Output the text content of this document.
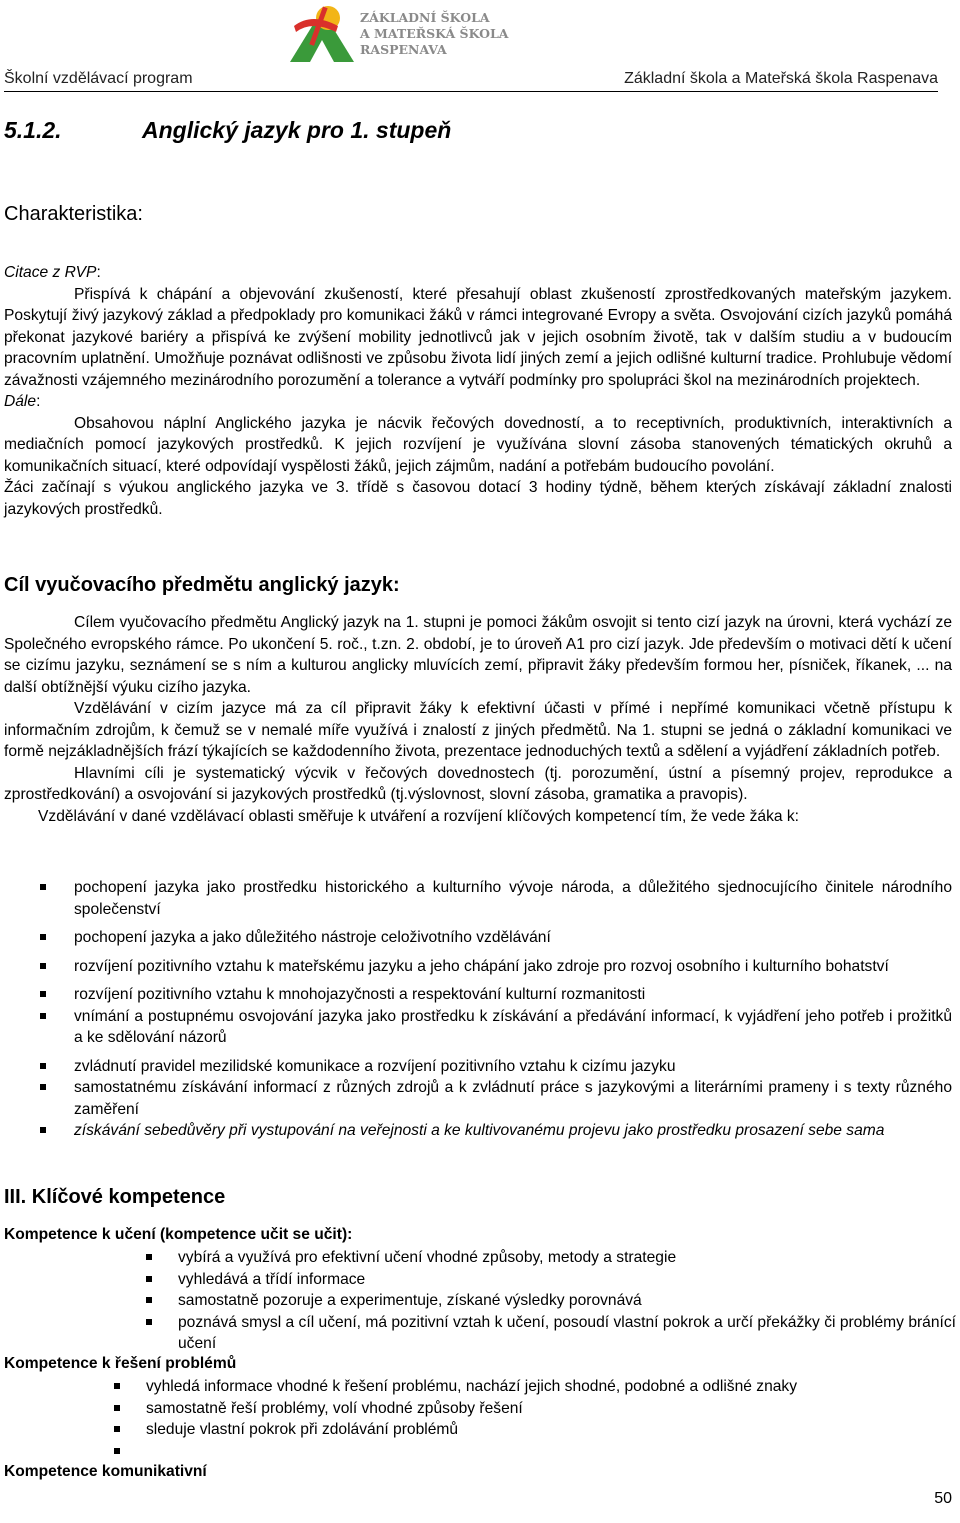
ZÁKLADNÍ ŠKOLA
A MATEŘSKÁ ŠKOLA
RASPENAVA
Školní vzdělávací program	Základní škola a Mateřská škola Raspenava
5.1.2.	Anglický jazyk pro 1. stupeň
Charakteristika:

Citace z RVP:

Přispívá k chápání a objevování zkušeností, které přesahují oblast zkušeností zprostředkovaných mateřským jazykem. Poskytují živý jazykový základ a předpoklady pro komunikaci žáků v rámci integrované Evropy a světa. Osvojování cizích jazyků pomáhá překonat jazykové bariéry a přispívá ke zvýšení mobility jednotlivců jak v jejich osobním životě, tak v dalším studiu a v budoucím pracovním uplatnění. Umožňuje poznávat odlišnosti ve způsobu života lidí jiných zemí a jejich odlišné kulturní tradice. Prohlubuje vědomí závažnosti vzájemného mezinárodního porozumění a tolerance a vytváří podmínky pro spolupráci škol na mezinárodních projektech.

Dále:

Obsahovou náplní Anglického jazyka je nácvik řečových dovedností, a to receptivních, produktivních, interaktivních a mediačních pomocí jazykových prostředků. K jejich rozvíjení je využívána slovní zásoba stanovených tématických okruhů a komunikačních situací, které odpovídají vyspělosti žáků, jejich zájmům, nadání a potřebám budoucího povolání.

Žáci začínají s výukou anglického jazyka ve 3. třídě s časovou dotací 3 hodiny týdně, během kterých získávají základní znalosti jazykových prostředků.

Cíl vyučovacího předmětu anglický jazyk:

Cílem vyučovacího předmětu Anglický jazyk na 1. stupni je pomoci žákům osvojit si tento cizí jazyk na úrovni, která vychází ze Společného evropského rámce. Po ukončení 5. roč., t.zn. 2. období, je to úroveň A1 pro cizí jazyk. Jde především o motivaci dětí k učení se cizímu jazyku, seznámení se s ním a kulturou anglicky mluvících zemí, připravit žáky především formou her, písniček, říkanek, ... na další obtížnější výuku cizího jazyka.

Vzdělávání v cizím jazyce má za cíl připravit žáky k efektivní účasti v přímé i nepřímé komunikaci včetně přístupu k informačním zdrojům, k čemuž se v nemalé míře využívá i znalostí z jiných předmětů. Na 1. stupni se jedná o základní komunikaci ve formě nejzákladnějších frází týkajících se každodenního života, prezentace jednoduchých textů a sdělení a vyjádření základních potřeb.

Hlavními cíli je systematický výcvik v řečových dovednostech (tj. porozumění, ústní a písemný projev, reprodukce a zprostředkování) a osvojování si jazykových prostředků (tj.výslovnost, slovní zásoba, gramatika a pravopis).

Vzdělávání v dané vzdělávací oblasti směřuje k utváření a rozvíjení klíčových kompetencí tím, že vede žáka k:

pochopení jazyka jako prostředku historického a kulturního vývoje národa, a důležitého sjednocujícího činitele národního společenství
pochopení jazyka a jako důležitého nástroje celoživotního vzdělávání
rozvíjení pozitivního vztahu k mateřskému jazyku a jeho chápání jako zdroje pro rozvoj osobního i kulturního bohatství
rozvíjení pozitivního vztahu k mnohojazyčnosti a respektování kulturní rozmanitosti
vnímání a postupnému osvojování jazyka jako prostředku k získávání a předávání informací, k vyjádření jeho potřeb i prožitků a ke sdělování názorů
zvládnutí pravidel mezilidské komunikace a rozvíjení pozitivního vztahu k cizímu jazyku
samostatnému získávání informací z různých zdrojů a k zvládnutí práce s jazykovými a literárními prameny i s texty různého zaměření
získávání sebedůvěry při vystupování na veřejnosti a ke kultivovanému projevu jako prostředku prosazení sebe sama
III. Klíčové kompetence
Kompetence k učení (kompetence učit se učit):
vybírá a využívá pro efektivní učení vhodné způsoby, metody a strategie
vyhledává a třídí informace
samostatně pozoruje a experimentuje, získané výsledky porovnává
poznává smysl a cíl učení, má pozitivní vztah k učení, posoudí vlastní pokrok a určí překážky či problémy bránící učení
Kompetence k řešení problémů
vyhledá informace vhodné k řešení problému, nachází jejich shodné, podobné a odlišné znaky
samostatně řeší problémy, volí vhodné způsoby řešení
sleduje vlastní pokrok při zdolávání problémů
Kompetence komunikativní
50
